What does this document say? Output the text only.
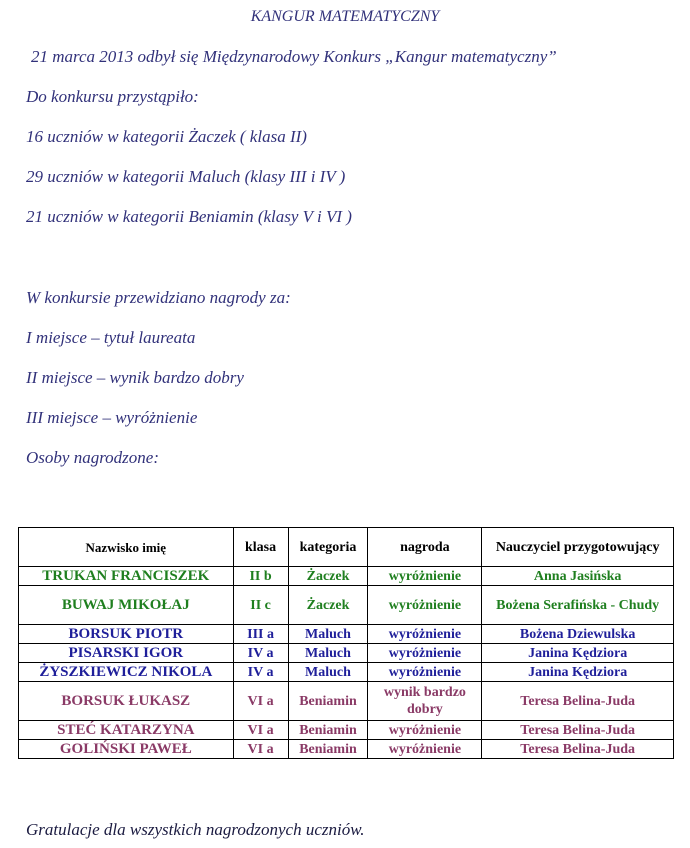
KANGUR MATEMATYCZNY
21 marca 2013 odbył się Międzynarodowy Konkurs „Kangur matematyczny”
Do konkursu przystąpiło:
16 uczniów w kategorii Żaczek ( klasa II)
29 uczniów w kategorii Maluch (klasy III i IV )
21 uczniów w kategorii Beniamin (klasy V i VI )
W konkursie przewidziano nagrody za:
I miejsce – tytuł laureata
II miejsce – wynik bardzo dobry
III miejsce – wyróżnienie
Osoby nagrodzone:
Nazwisko imię	klasa	kategoria	nagroda	Nauczyciel przygotowujący
TRUKAN FRANCISZEK	II b	Żaczek	wyróżnienie	Anna Jasińska
BUWAJ MIKOŁAJ	II c	Żaczek	wyróżnienie	Bożena Serafińska - Chudy
BORSUK PIOTR	III a	Maluch	wyróżnienie	Bożena Dziewulska
PISARSKI IGOR	IV a	Maluch	wyróżnienie	Janina Kędziora
ŻYSZKIEWICZ NIKOLA	IV a	Maluch	wyróżnienie	Janina Kędziora
BORSUK ŁUKASZ	VI a	Beniamin	wynik bardzo dobry	Teresa Belina-Juda
STEĆ KATARZYNA	VI a	Beniamin	wyróżnienie	Teresa Belina-Juda
GOLIŃSKI PAWEŁ	VI a	Beniamin	wyróżnienie	Teresa Belina-Juda
Gratulacje dla wszystkich nagrodzonych uczniów.
